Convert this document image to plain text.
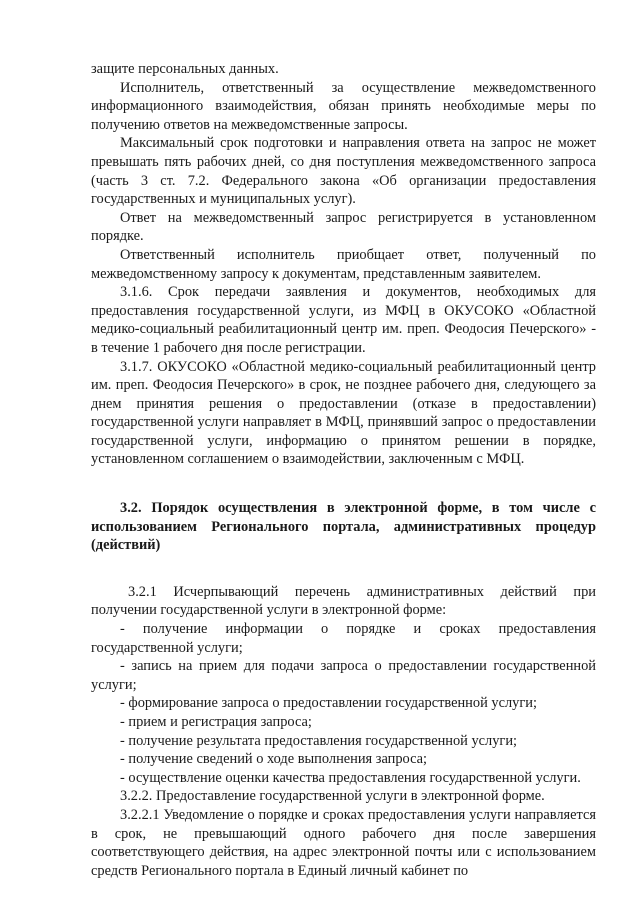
защите персональных данных.

Исполнитель, ответственный за осуществление межведомственного информационного взаимодействия, обязан принять необходимые меры по получению ответов на межведомственные запросы.

Максимальный срок подготовки и направления ответа на запрос не может превышать пять рабочих дней, со дня поступления межведомственного запроса (часть 3 ст. 7.2. Федерального закона «Об организации предоставления государственных и муниципальных услуг).

Ответ на межведомственный запрос регистрируется в установленном порядке.

Ответственный исполнитель приобщает ответ, полученный по межведомственному запросу к документам, представленным заявителем.

3.1.6. Срок передачи заявления и документов, необходимых для предоставления государственной услуги, из МФЦ в ОКУСОКО «Областной медико-социальный реабилитационный центр им. преп. Феодосия Печерского» - в течение 1 рабочего дня после регистрации.

3.1.7. ОКУСОКО «Областной медико-социальный реабилитационный центр им. преп. Феодосия Печерского» в срок, не позднее рабочего дня, следующего за днем принятия решения о предоставлении (отказе в предоставлении) государственной услуги направляет в МФЦ, принявший запрос о предоставлении государственной услуги, информацию о принятом решении в порядке, установленном соглашением о взаимодействии, заключенным с МФЦ.

3.2. Порядок осуществления в электронной форме, в том числе с использованием Регионального портала, административных процедур (действий)

3.2.1 Исчерпывающий перечень административных действий при получении государственной услуги в электронной форме:

- получение информации о порядке и сроках предоставления государственной услуги;

- запись на прием для подачи запроса о предоставлении государственной услуги;

- формирование запроса о предоставлении государственной услуги;

- прием и регистрация запроса;

- получение результата предоставления государственной услуги;

- получение сведений о ходе выполнения запроса;

- осуществление оценки качества предоставления государственной услуги.

3.2.2. Предоставление государственной услуги в электронной форме.

3.2.2.1 Уведомление о порядке и сроках предоставления услуги направляется в срок, не превышающий одного рабочего дня после завершения соответствующего действия, на адрес электронной почты или с использованием средств Регионального портала в Единый личный кабинет по
